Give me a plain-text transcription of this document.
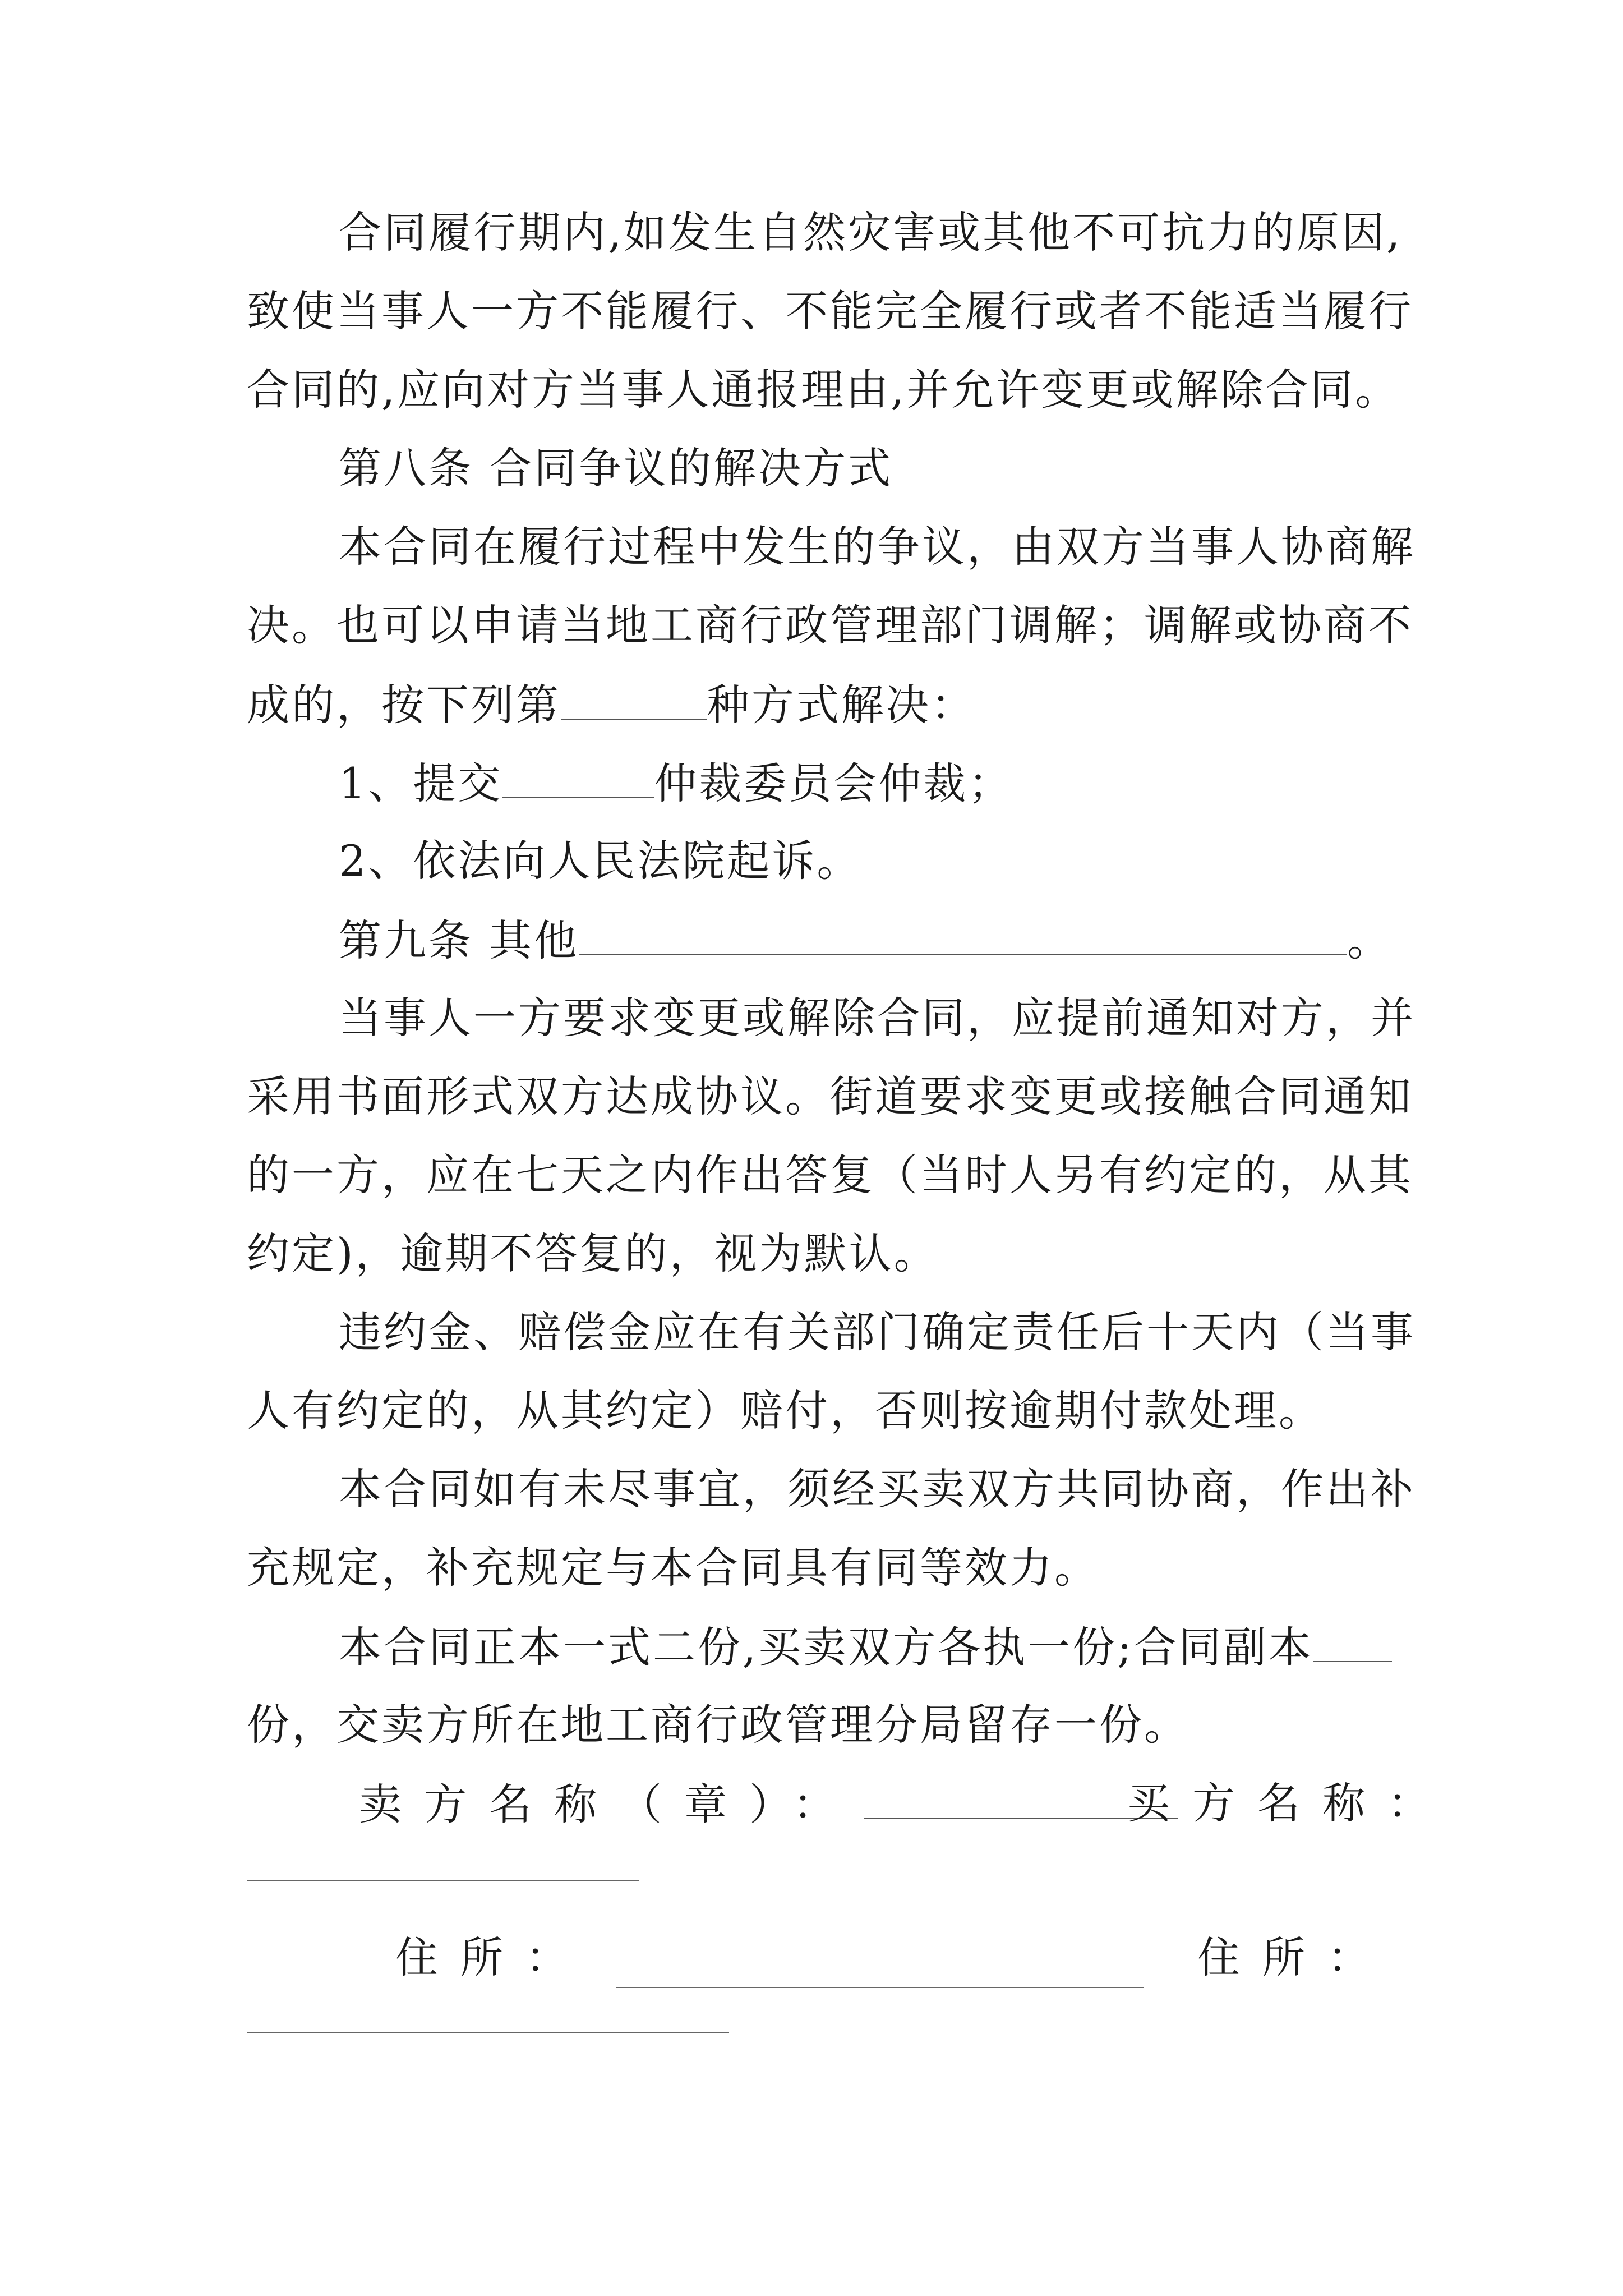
合同履行期内,如发生自然灾害或其他不可抗力的原因,
致使当事人一方不能履行、不能完全履行或者不能适当履行
合同的,应向对方当事人通报理由,并允许变更或解除合同。
第八条 合同争议的解决方式
本合同在履行过程中发生的争议，由双方当事人协商解
决。也可以申请当地工商行政管理部门调解；调解或协商不
成的，按下列第	种方式解决：
1、提交	仲裁委员会仲裁；
2、依法向人民法院起诉。
第九条 其他	。
当事人一方要求变更或解除合同，应提前通知对方，并
采用书面形式双方达成协议。街道要求变更或接触合同通知
的一方，应在七天之内作出答复（当时人另有约定的，从其
约定)，逾期不答复的，视为默认。
违约金、赔偿金应在有关部门确定责任后十天内（当事
人有约定的，从其约定）赔付，否则按逾期付款处理。
本合同如有未尽事宜，须经买卖双方共同协商，作出补
充规定，补充规定与本合同具有同等效力。
本合同正本一式二份,买卖双方各执一份;合同副本
份，交卖方所在地工商行政管理分局留存一份。
卖方名称（章）：	买方名称：
住所：	住所：
